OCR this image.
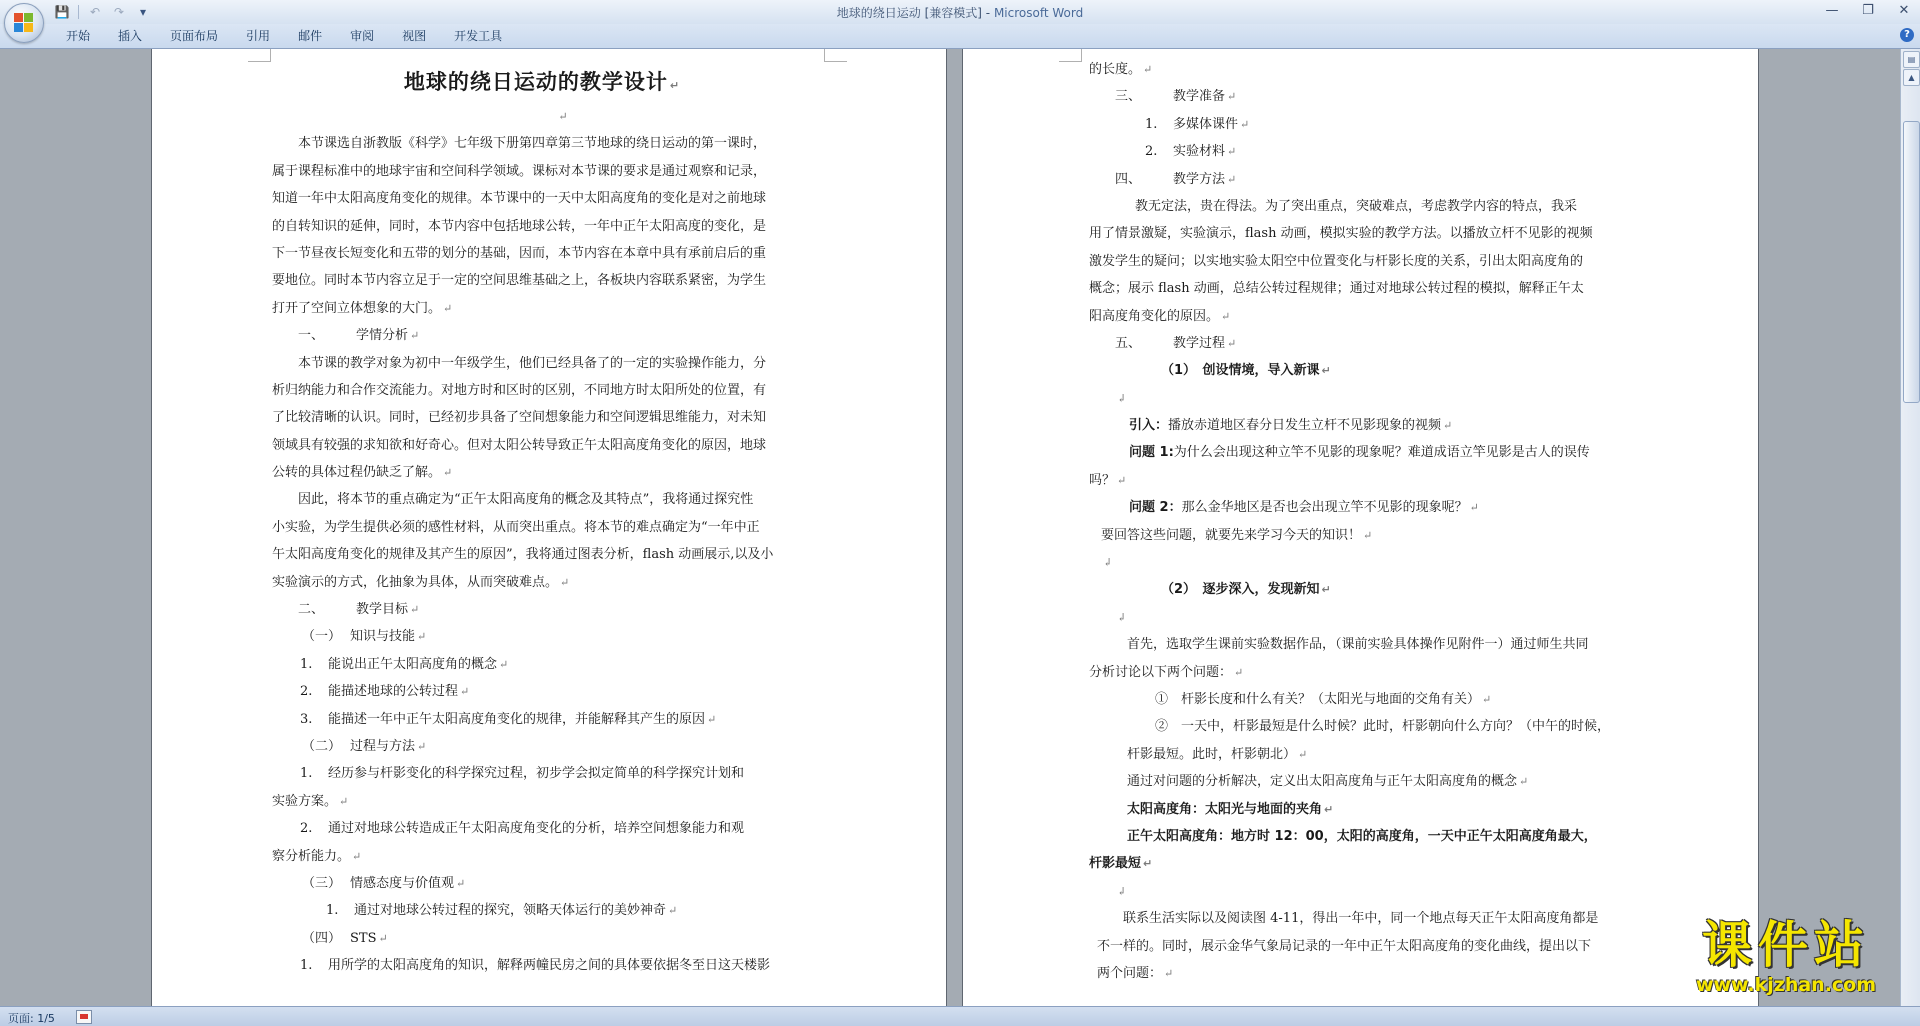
💾	↶	↷	▾	地球的绕日运动 [兼容模式] - Microsoft Word	—	❐	✕
开始	插入	页面布局	引用	邮件	审阅	视图	开发工具	?
地球的绕日运动的教学设计 ↵
↵
本节课选自浙教版《科学》七年级下册第四章第三节地球的绕日运动的第一课时，
属于课程标准中的地球宇宙和空间科学领域。课标对本节课的要求是通过观察和记录，
知道一年中太阳高度角变化的规律。本节课中的一天中太阳高度角的变化是对之前地球
的自转知识的延伸，同时，本节内容中包括地球公转，一年中正午太阳高度的变化，是
下一节昼夜长短变化和五带的划分的基础，因而，本节内容在本章中具有承前启后的重
要地位。同时本节内容立足于一定的空间思维基础之上，各板块内容联系紧密，为学生
打开了空间立体想象的大门。 ↵
一、 学情分析 ↵
本节课的教学对象为初中一年级学生，他们已经具备了的一定的实验操作能力，分
析归纳能力和合作交流能力。对地方时和区时的区别，不同地方时太阳所处的位置，有
了比较清晰的认识。同时，已经初步具备了空间想象能力和空间逻辑思维能力，对未知
领域具有较强的求知欲和好奇心。但对太阳公转导致正午太阳高度角变化的原因，地球
公转的具体过程仍缺乏了解。 ↵
因此，将本节的重点确定为“正午太阳高度角的概念及其特点”，我将通过探究性
小实验，为学生提供必须的感性材料，从而突出重点。将本节的难点确定为“一年中正
午太阳高度角变化的规律及其产生的原因”，我将通过图表分析，flash 动画展示,以及小
实验演示的方式，化抽象为具体，从而突破难点。 ↵
二、 教学目标 ↵
（一） 知识与技能 ↵
1. 能说出正午太阳高度角的概念 ↵
2. 能描述地球的公转过程 ↵
3. 能描述一年中正午太阳高度角变化的规律，并能解释其产生的原因 ↵
（二） 过程与方法 ↵
1. 经历参与杆影变化的科学探究过程，初步学会拟定简单的科学探究计划和
实验方案。 ↵
2. 通过对地球公转造成正午太阳高度角变化的分析，培养空间想象能力和观
察分析能力。 ↵
（三） 情感态度与价值观 ↵
1. 通过对地球公转过程的探究，领略天体运行的美妙神奇 ↵
（四） STS ↵
1. 用所学的太阳高度角的知识，解释两幢民房之间的具体要依据冬至日这天楼影
的长度。 ↵
三、 教学准备 ↵
1. 多媒体课件 ↵
2. 实验材料 ↵
四、 教学方法 ↵
教无定法，贵在得法。为了突出重点，突破难点，考虑教学内容的特点，我采
用了情景激疑，实验演示，flash 动画，模拟实验的教学方法。以播放立杆不见影的视频
激发学生的疑问；以实地实验太阳空中位置变化与杆影长度的关系，引出太阳高度角的
概念；展示 flash 动画，总结公转过程规律；通过对地球公转过程的模拟，解释正午太
阳高度角变化的原因。 ↵
五、 教学过程 ↵
（1）　创设情境，导入新课 ↵
↲
引入：播放赤道地区春分日发生立杆不见影现象的视频 ↵
问题 1:为什么会出现这种立竿不见影的现象呢？难道成语立竿见影是古人的误传
吗？ ↵
问题 2：那么金华地区是否也会出现立竿不见影的现象呢？ ↵
要回答这些问题，就要先来学习今天的知识！ ↵
↲
（2）　逐步深入，发现新知 ↵
↲
首先，选取学生课前实验数据作品，（课前实验具体操作见附件一）通过师生共同
分析讨论以下两个问题： ↵
①　杆影长度和什么有关？（太阳光与地面的交角有关） ↵
②　一天中，杆影最短是什么时候？此时，杆影朝向什么方向？（中午的时候，
杆影最短。此时，杆影朝北） ↵
通过对问题的分析解决，定义出太阳高度角与正午太阳高度角的概念 ↵
太阳高度角：太阳光与地面的夹角 ↵
正午太阳高度角：地方时 12：00，太阳的高度角，一天中正午太阳高度角最大，
杆影最短 ↵
↲
联系生活实际以及阅读图 4-11，得出一年中，同一个地点每天正午太阳高度角都是
不一样的。同时，展示金华气象局记录的一年中正午太阳高度角的变化曲线，提出以下
两个问题： ↵
▤
▲
页面: 1/5
课件站
www.kjzhan.com
